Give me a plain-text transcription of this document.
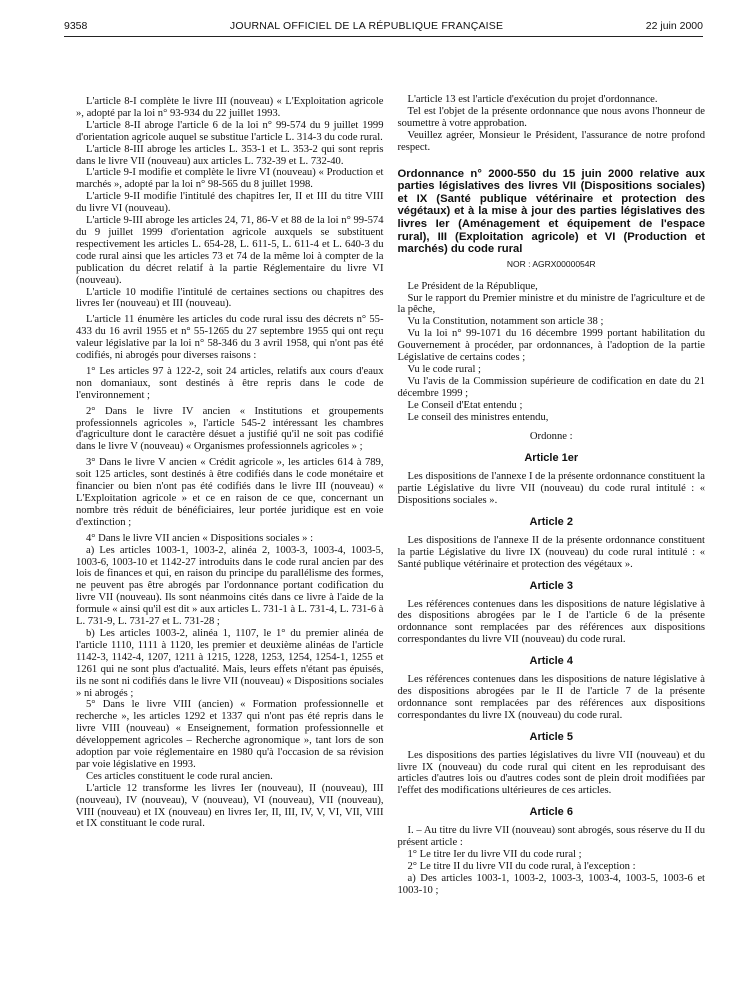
9358	JOURNAL OFFICIEL DE LA RÉPUBLIQUE FRANÇAISE	22 juin 2000

L'article 8-I complète le livre III (nouveau) « L'Exploitation agricole », adopté par la loi n° 93-934 du 22 juillet 1993.

L'article 8-II abroge l'article 6 de la loi n° 99-574 du 9 juillet 1999 d'orientation agricole auquel se substitue l'article L. 314-3 du code rural.

L'article 8-III abroge les articles L. 353-1 et L. 353-2 qui sont repris dans le livre VII (nouveau) aux articles L. 732-39 et L. 732-40.

L'article 9-I modifie et complète le livre VI (nouveau) « Production et marchés », adopté par la loi n° 98-565 du 8 juillet 1998.

L'article 9-II modifie l'intitulé des chapitres Ier, II et III du titre VIII du livre VI (nouveau).

L'article 9-III abroge les articles 24, 71, 86-V et 88 de la loi n° 99-574 du 9 juillet 1999 d'orientation agricole auxquels se substituent respectivement les articles L. 654-28, L. 611-5, L. 611-4 et L. 640-3 du code rural ainsi que les articles 73 et 74 de la même loi à compter de la publication du décret relatif à la partie Réglementaire du livre VI (nouveau).

L'article 10 modifie l'intitulé de certaines sections ou chapitres des livres Ier (nouveau) et III (nouveau).

L'article 11 énumère les articles du code rural issu des décrets n° 55-433 du 16 avril 1955 et n° 55-1265 du 27 septembre 1955 qui ont reçu valeur législative par la loi n° 58-346 du 3 avril 1958, qui n'ont pas été codifiés, ni abrogés pour diverses raisons :

1° Les articles 97 à 122-2, soit 24 articles, relatifs aux cours d'eaux non domaniaux, sont destinés à être repris dans le code de l'environnement ;

2° Dans le livre IV ancien « Institutions et groupements professionnels agricoles », l'article 545-2 intéressant les chambres d'agriculture dont le caractère désuet a justifié qu'il ne soit pas codifié dans le livre V (nouveau) « Organismes professionnels agricoles » ;

3° Dans le livre V ancien « Crédit agricole », les articles 614 à 789, soit 125 articles, sont destinés à être codifiés dans le code monétaire et financier ou bien n'ont pas été codifiés dans le livre III (nouveau) « L'Exploitation agricole » et ce en raison de ce que, concernant un nombre très réduit de bénéficiaires, leur portée juridique est en voie d'extinction ;

4° Dans le livre VII ancien « Dispositions sociales » :

a) Les articles 1003-1, 1003-2, alinéa 2, 1003-3, 1003-4, 1003-5, 1003-6, 1003-10 et 1142-27 introduits dans le code rural ancien par des lois de finances et qui, en raison du principe du parallélisme des formes, ne peuvent pas être abrogés par l'ordonnance portant codification du livre VII (nouveau). Ils sont néanmoins cités dans ce livre à l'aide de la formule « ainsi qu'il est dit » aux articles L. 731-1 à L. 731-4, L. 731-6 à L. 731-9, L. 731-27 et L. 731-28 ;

b) Les articles 1003-2, alinéa 1, 1107, le 1° du premier alinéa de l'article 1110, 1111 à 1120, les premier et deuxième alinéas de l'article 1142-3, 1142-4, 1207, 1211 à 1215, 1228, 1253, 1254, 1254-1, 1255 et 1261 qui ne sont plus d'actualité. Mais, leurs effets n'étant pas épuisés, ils ne sont ni codifiés dans le livre VII (nouveau) « Dispositions sociales » ni abrogés ;

5° Dans le livre VIII (ancien) « Formation professionnelle et recherche », les articles 1292 et 1337 qui n'ont pas été repris dans le livre VIII (nouveau) « Enseignement, formation professionnelle et développement agricoles – Recherche agronomique », tant lors de son adoption par voie réglementaire en 1980 qu'à l'occasion de sa révision par voie législative en 1993.

Ces articles constituent le code rural ancien.

L'article 12 transforme les livres Ier (nouveau), II (nouveau), III (nouveau), IV (nouveau), V (nouveau), VI (nouveau), VII (nouveau), VIII (nouveau) et IX (nouveau) en livres Ier, II, III, IV, V, VI, VII, VIII et IX constituant le code rural.

L'article 13 est l'article d'exécution du projet d'ordonnance.

Tel est l'objet de la présente ordonnance que nous avons l'honneur de soumettre à votre approbation.

Veuillez agréer, Monsieur le Président, l'assurance de notre profond respect.

Ordonnance n° 2000-550 du 15 juin 2000 relative aux parties législatives des livres VII (Dispositions sociales) et IX (Santé publique vétérinaire et protection des végétaux) et à la mise à jour des parties législatives des livres Ier (Aménagement et équipement de l'espace rural), III (Exploitation agricole) et VI (Production et marchés) du code rural
NOR : AGRX0000054R

Le Président de la République,

Sur le rapport du Premier ministre et du ministre de l'agriculture et de la pêche,

Vu la Constitution, notamment son article 38 ;

Vu la loi n° 99-1071 du 16 décembre 1999 portant habilitation du Gouvernement à procéder, par ordonnances, à l'adoption de la partie Législative de certains codes ;

Vu le code rural ;

Vu l'avis de la Commission supérieure de codification en date du 21 décembre 1999 ;

Le Conseil d'Etat entendu ;

Le conseil des ministres entendu,

Ordonne :

Article 1er

Les dispositions de l'annexe I de la présente ordonnance constituent la partie Législative du livre VII (nouveau) du code rural intitulé : « Dispositions sociales ».

Article 2

Les dispositions de l'annexe II de la présente ordonnance constituent la partie Législative du livre IX (nouveau) du code rural intitulé : « Santé publique vétérinaire et protection des végétaux ».

Article 3

Les références contenues dans les dispositions de nature législative à des dispositions abrogées par le I de l'article 6 de la présente ordonnance sont remplacées par des références aux dispositions correspondantes du livre VII (nouveau) du code rural.

Article 4

Les références contenues dans les dispositions de nature législative à des dispositions abrogées par le II de l'article 7 de la présente ordonnance sont remplacées par des références aux dispositions correspondantes du livre IX (nouveau) du code rural.

Article 5

Les dispositions des parties législatives du livre VII (nouveau) et du livre IX (nouveau) du code rural qui citent en les reproduisant des articles d'autres lois ou d'autres codes sont de plein droit modifiées par l'effet des modifications ultérieures de ces articles.

Article 6

I. – Au titre du livre VII (nouveau) sont abrogés, sous réserve du II du présent article :

1° Le titre Ier du livre VII du code rural ;

2° Le titre II du livre VII du code rural, à l'exception :

a) Des articles 1003-1, 1003-2, 1003-3, 1003-4, 1003-5, 1003-6 et 1003-10 ;
